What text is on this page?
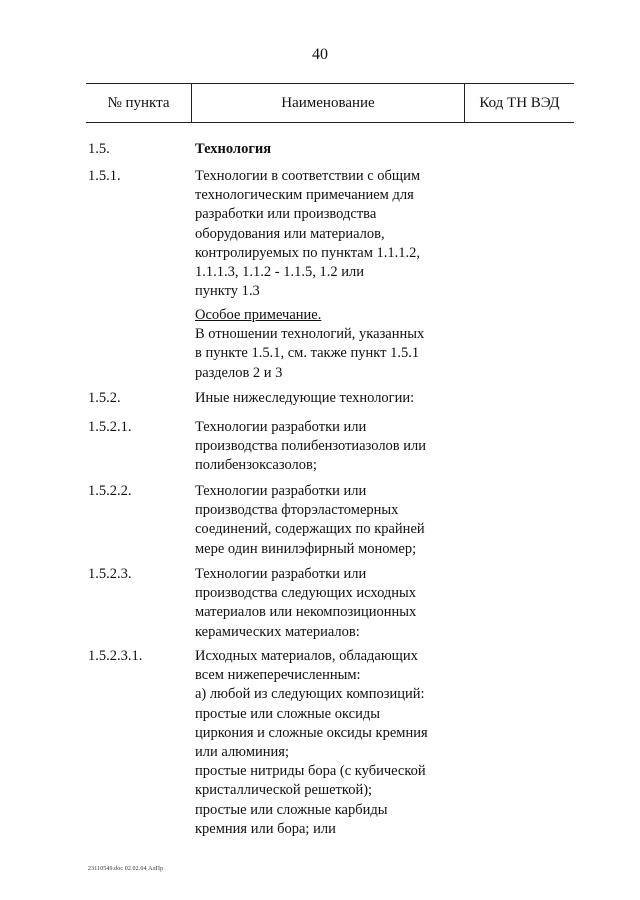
40
№ пункта	Наименование	Код ТН ВЭД
1.5.	Технология
1.5.1.	Технологии в соответствии с общим
технологическим примечанием для
разработки или производства
оборудования или материалов,
контролируемых по пунктам 1.1.1.2,
1.1.1.3, 1.1.2 - 1.1.5, 1.2 или
пункту 1.3
Особое примечание.
В отношении технологий, указанных
в пункте 1.5.1, см. также пункт 1.5.1
разделов 2 и 3
1.5.2.	Иные нижеследующие технологии:
1.5.2.1.	Технологии разработки или
производства полибензотиазолов или
полибензоксазолов;
1.5.2.2.	Технологии разработки или
производства фторэластомерных
соединений, содержащих по крайней
мере один винилэфирный мономер;
1.5.2.3.	Технологии разработки или
производства следующих исходных
материалов или некомпозиционных
керамических материалов:
1.5.2.3.1.	Исходных материалов, обладающих
всем нижеперечисленным:
а) любой из следующих композиций:
простые или сложные оксиды
циркония и сложные оксиды кремния
или алюминия;
простые нитриды бора (с кубической
кристаллической решеткой);
простые или сложные карбиды
кремния или бора; или
23110549.doc 02.02.04 АлПр
